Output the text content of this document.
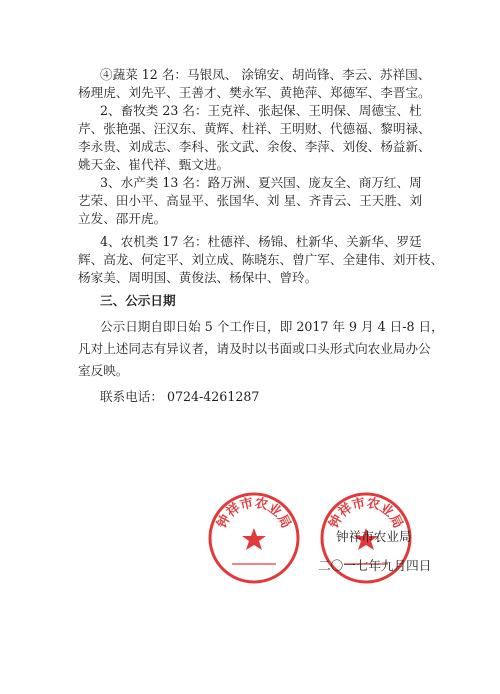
④蔬菜 12 名：马银凤、 涂锦安、胡尚锋、李云、苏祥国、
杨理虎、刘先平、王善才、樊永军、黄艳萍、郑德军、李晋宝。
2、畜牧类 23 名：王克祥、张起保、王明保、周德宝、杜
芹、张艳强、汪汉东、黄辉、杜祥、王明财、代德福、黎明禄、
李永贵、刘成志、李科、张文武、余俊、李萍、刘俊、杨益新、
姚天金、崔代祥、甄文进。
3、水产类 13 名：路万洲、夏兴国、庞友全、商万红、周
艺荣、田小平、高显平、张国华、刘 星、齐青云、王天胜、刘
立发、邵开虎。
4、农机类 17 名：杜德祥、杨锦、杜新华、关新华、罗廷
辉、高龙、何定平、刘立成、陈晓东、曾广军、全建伟、刘开枝、
杨家美、周明国、黄俊法、杨保中、曾玲。
三、公示日期
公示日期自即日始 5 个工作日，即 2017 年 9 月 4 日-8 日，
凡对上述同志有异议者，请及时以书面或口头形式向农业局办公
室反映。
联系电话： 0724-4261287
钟祥市农业局	钟祥市农业局
钟祥市农业局
二〇一七年九月四日
